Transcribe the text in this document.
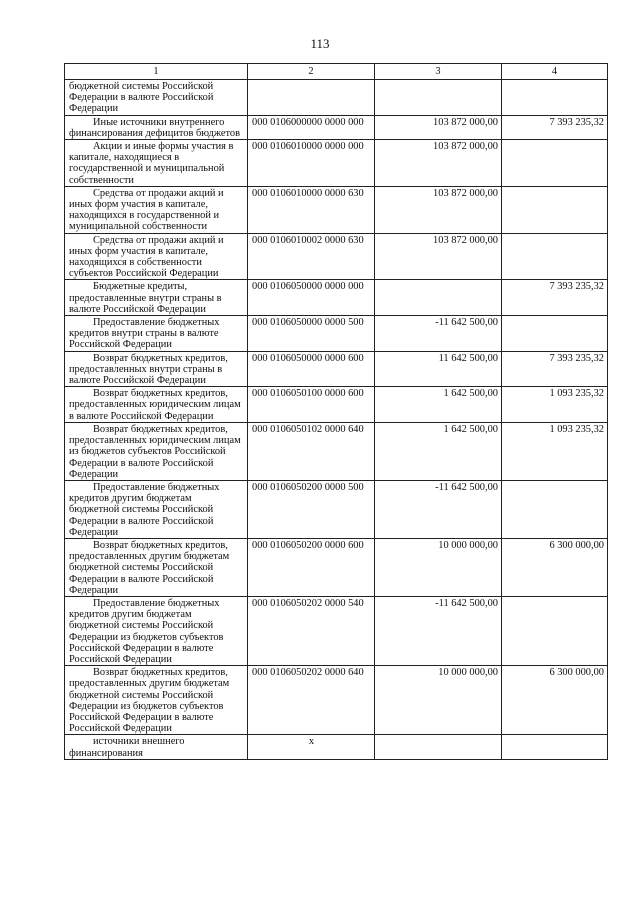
113
1	2	3	4
бюджетной системы Российской Федерации в валюте Российской Федерации			

Иные источники внутреннего финансирования дефицитов бюджетов	000 0106000000 0000 000	103 872 000,00	7 393 235,32

Акции и иные формы участия в капитале, находящиеся в государственной и муниципальной собственности	000 0106010000 0000 000	103 872 000,00	

Средства от продажи акций и иных форм участия в капитале, находящихся в государственной и муниципальной собственности	000 0106010000 0000 630	103 872 000,00	

Средства от продажи акций и иных форм участия в капитале, находящихся в собственности субъектов Российской Федерации	000 0106010002 0000 630	103 872 000,00	

Бюджетные кредиты, предоставленные внутри страны в валюте Российской Федерации	000 0106050000 0000 000		7 393 235,32

Предоставление бюджетных кредитов внутри страны в валюте Российской Федерации	000 0106050000 0000 500	-11 642 500,00	

Возврат бюджетных кредитов, предоставленных внутри страны в валюте Российской Федерации	000 0106050000 0000 600	11 642 500,00	7 393 235,32

Возврат бюджетных кредитов, предоставленных юридическим лицам в валюте Российской Федерации	000 0106050100 0000 600	1 642 500,00	1 093 235,32

Возврат бюджетных кредитов, предоставленных юридическим лицам из бюджетов субъектов Российской Федерации в валюте Российской Федерации	000 0106050102 0000 640	1 642 500,00	1 093 235,32

Предоставление бюджетных кредитов другим бюджетам бюджетной системы Российской Федерации в валюте Российской Федерации	000 0106050200 0000 500	-11 642 500,00	

Возврат бюджетных кредитов, предоставленных другим бюджетам бюджетной системы Российской Федерации в валюте Российской Федерации	000 0106050200 0000 600	10 000 000,00	6 300 000,00

Предоставление бюджетных кредитов другим бюджетам бюджетной системы Российской Федерации из бюджетов субъектов Российской Федерации в валюте Российской Федерации	000 0106050202 0000 540	-11 642 500,00	

Возврат бюджетных кредитов, предоставленных другим бюджетам бюджетной системы Российской Федерации из бюджетов субъектов Российской Федерации в валюте Российской Федерации	000 0106050202 0000 640	10 000 000,00	6 300 000,00

источники внешнего финансирования	x		
